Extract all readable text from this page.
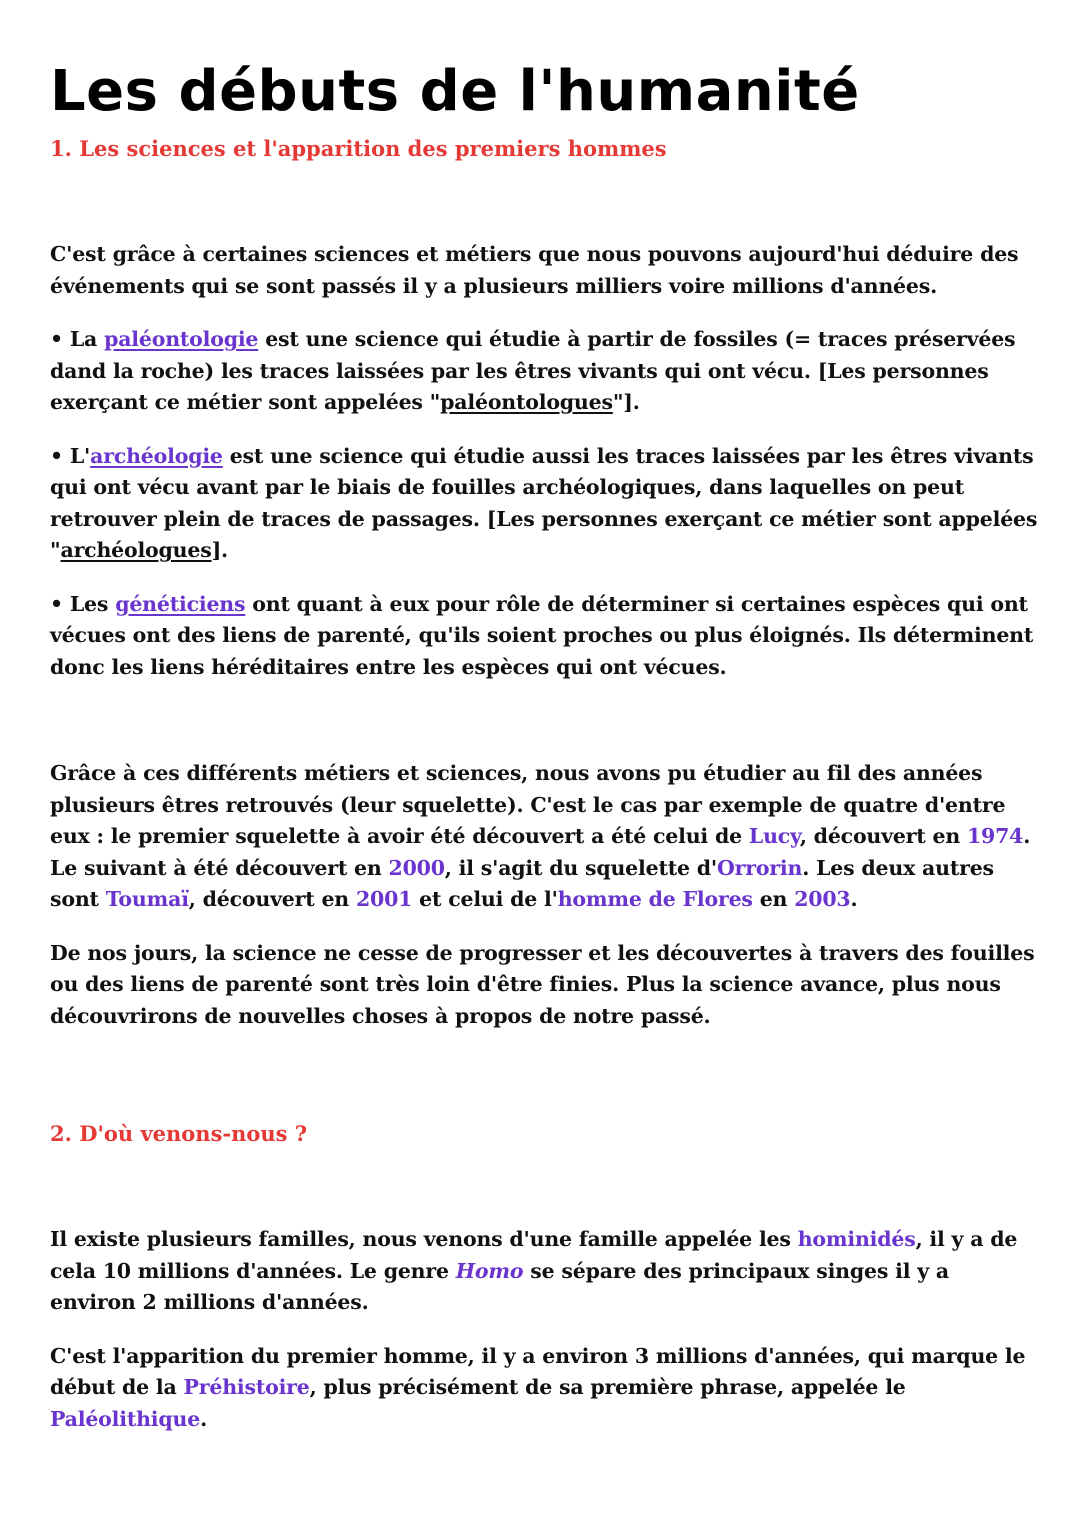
Les débuts de l'humanité
1. Les sciences et l'apparition des premiers hommes

C'est grâce à certaines sciences et métiers que nous pouvons aujourd'hui déduire des événements qui se sont passés il y a plusieurs milliers voire millions d'années.

• La paléontologie est une science qui étudie à partir de fossiles (= traces préservées dand la roche) les traces laissées par les êtres vivants qui ont vécu. [Les personnes exerçant ce métier sont appelées "paléontologues"].

• L'archéologie est une science qui étudie aussi les traces laissées par les êtres vivants qui ont vécu avant par le biais de fouilles archéologiques, dans laquelles on peut retrouver plein de traces de passages. [Les personnes exerçant ce métier sont appelées "archéologues].

• Les généticiens ont quant à eux pour rôle de déterminer si certaines espèces qui ont vécues ont des liens de parenté, qu'ils soient proches ou plus éloignés. Ils déterminent donc les liens héréditaires entre les espèces qui ont vécues.

Grâce à ces différents métiers et sciences, nous avons pu étudier au fil des années plusieurs êtres retrouvés (leur squelette). C'est le cas par exemple de quatre d'entre eux : le premier squelette à avoir été découvert a été celui de Lucy, découvert en 1974. Le suivant à été découvert en 2000, il s'agit du squelette d'Orrorin. Les deux autres sont Toumaï, découvert en 2001 et celui de l'homme de Flores en 2003.

De nos jours, la science ne cesse de progresser et les découvertes à travers des fouilles ou des liens de parenté sont très loin d'être finies. Plus la science avance, plus nous découvrirons de nouvelles choses à propos de notre passé.

2. D'où venons-nous ?

Il existe plusieurs familles, nous venons d'une famille appelée les hominidés, il y a de cela 10 millions d'années. Le genre Homo se sépare des principaux singes il y a environ 2 millions d'années.

C'est l'apparition du premier homme, il y a environ 3 millions d'années, qui marque le début de la Préhistoire, plus précisément de sa première phrase, appelée le Paléolithique.
